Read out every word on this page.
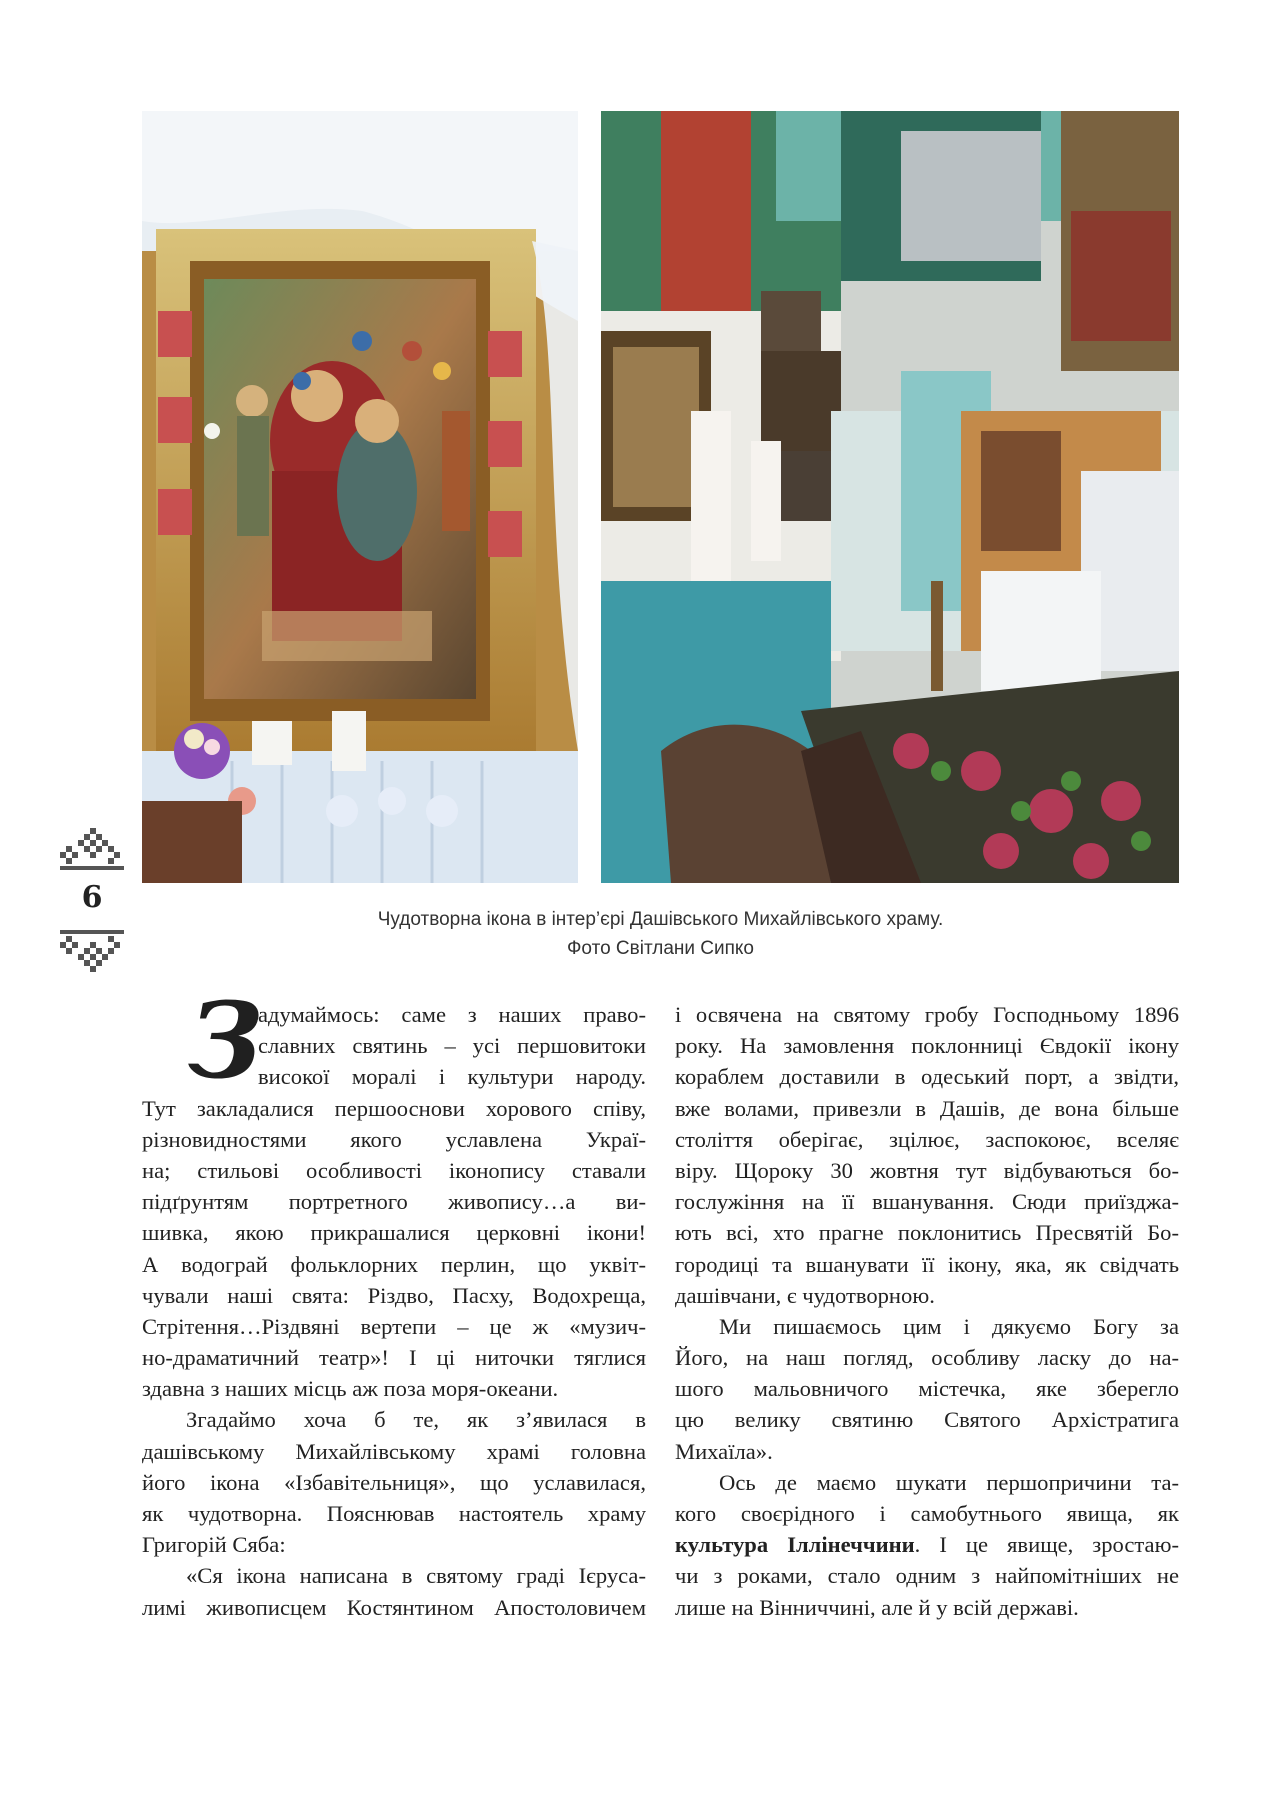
6
Чудотворна ікона в інтер’єрі Дашівського Михайлівського храму.
Фото Світлани Сипко
З
адумаймось: саме з наших право-
славних святинь – усі першовитоки
високої моралі і культури народу.
Тут закладалися першооснови хорового співу,
різновидностями якого уславлена Украї-
на; стильові особливості іконопису ставали
підґрунтям портретного живопису…а ви-
шивка, якою прикрашалися церковні ікони!
А водограй фольклорних перлин, що уквіт-
чували наші свята: Різдво, Пасху, Водохреща,
Стрітення…Різдвяні вертепи – це ж «музич-
но-драматичний театр»! І ці ниточки тяглися
здавна з наших місць аж поза моря-океани.
Згадаймо хоча б те, як з’явилася в
дашівському Михайлівському храмі головна
його ікона «Ізбавітельниця», що уславилася,
як чудотворна. Пояснював настоятель храму
Григорій Сяба:
«Ся ікона написана в святому граді Ієруса-
лимі живописцем Костянтином Апостоловичем
і освячена на святому гробу Господньому 1896
року. На замовлення поклонниці Євдокії ікону
кораблем доставили в одеський порт, а звідти,
вже волами, привезли в Дашів, де вона більше
століття оберігає, зцілює, заспокоює, вселяє
віру. Щороку 30 жовтня тут відбуваються бо-
гослужіння на її вшанування. Сюди приїзджа-
ють всі, хто прагне поклонитись Пресвятій Бо-
городиці та вшанувати її ікону, яка, як свідчать
дашівчани, є чудотворною.
Ми пишаємось цим і дякуємо Богу за
Його, на наш погляд, особливу ласку до на-
шого мальовничого містечка, яке зберегло
цю велику святиню Святого Архістратига
Михаїла».
Ось де маємо шукати першопричини та-
кого своєрідного і самобутнього явища, як
культура Іллінеччини. І це явище, зростаю-
чи з роками, стало одним з найпомітніших не
лише на Вінниччині, але й у всій державі.
